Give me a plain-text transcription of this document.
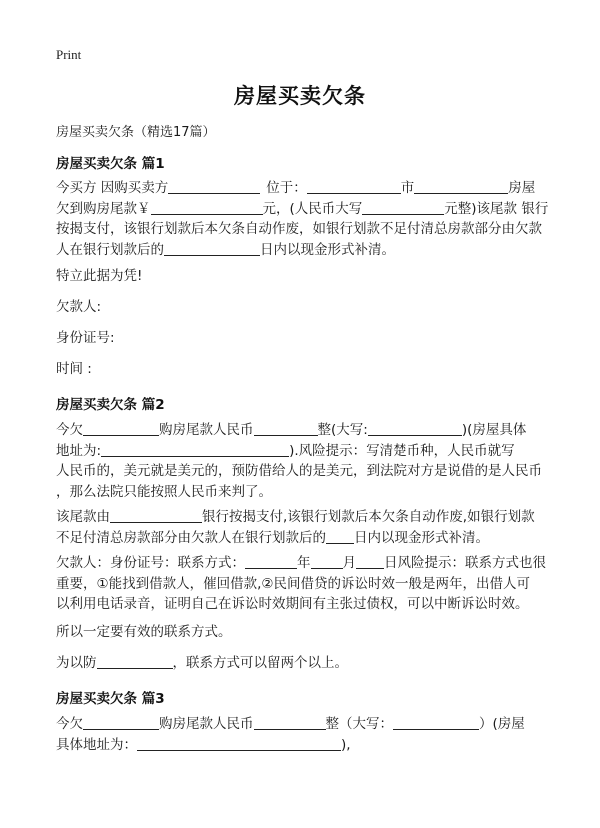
Print
房屋买卖欠条
房屋买卖欠条（精选17篇）
房屋买卖欠条 篇1

今买方 因购买卖方	位于：	市	房屋
欠到购房尾款￥	元，(人民币大写	元整)该尾款 银行
按揭支付，该银行划款后本欠条自动作废，如银行划款不足付清总房款部分由欠款
人在银行划款后的	日内以现金形式补清。

特立此据为凭!

欠款人:

身份证号:

时间 :

房屋买卖欠条 篇2

今欠	购房尾款人民币	整(大写:	)(房屋具体
地址为:	).风险提示：写清楚币种，人民币就写
人民币的，美元就是美元的，预防借给人的是美元，到法院对方是说借的是人民币
，那么法院只能按照人民币来判了。

该尾款由	银行按揭支付,该银行划款后本欠条自动作废,如银行划款
不足付清总房款部分由欠款人在银行划款后的 日内以现金形式补清。

欠款人：身份证号：联系方式：	年 月 日风险提示：联系方式也很
重要，①能找到借款人，催回借款,②民间借贷的诉讼时效一般是两年，出借人可
以利用电话录音，证明自己在诉讼时效期间有主张过债权，可以中断诉讼时效。

所以一定要有效的联系方式。

为以防	，联系方式可以留两个以上。

房屋买卖欠条 篇3

今欠	购房尾款人民币	整（大写：	）(房屋
具体地址为：	),
